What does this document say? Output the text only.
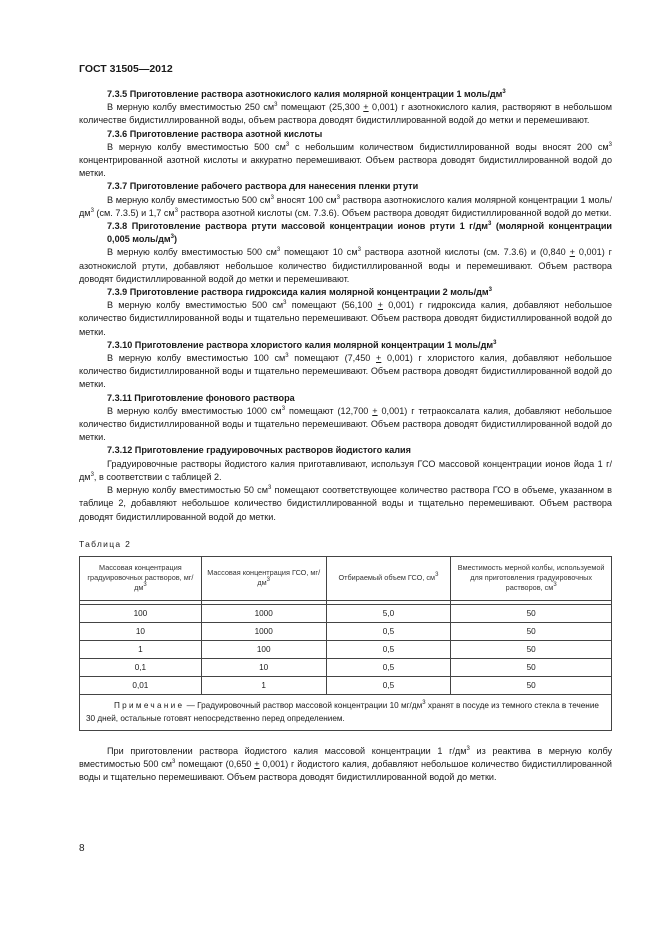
ГОСТ 31505—2012

7.3.5 Приготовление раствора азотнокислого калия молярной концентрации 1 моль/$дм^3$

В мерную колбу вместимостью 250 $см^3$ помещают (25,300 + 0,001) г азотнокислого калия, растворяют в небольшом количестве бидистиллированной воды, объем раствора доводят бидистиллированной водой до метки и перемешивают.

7.3.6 Приготовление раствора азотной кислоты

В мерную колбу вместимостью 500 $см^3$ с небольшим количеством бидистиллированной воды вносят 200 $см^3$ концентрированной азотной кислоты и аккуратно перемешивают. Объем раствора доводят бидистиллированной водой до метки.

7.3.7 Приготовление рабочего раствора для нанесения пленки ртути

В мерную колбу вместимостью 500 $см^3$ вносят 100 $см^3$ раствора азотнокислого калия молярной концентрации 1 моль/$дм^3$ (см. 7.3.5) и 1,7 $см^3$ раствора азотной кислоты (см. 7.3.6). Объем раствора доводят бидистиллированной водой до метки.

7.3.8 Приготовление раствора ртути массовой концентрации ионов ртути 1 $г/дм^3$ (молярной концентрации 0,005 моль/$дм^3$)

В мерную колбу вместимостью 500 $см^3$ помещают 10 $см^3$ раствора азотной кислоты (см. 7.3.6) и (0,840 + 0,001) г азотнокислой ртути, добавляют небольшое количество бидистиллированной воды и перемешивают. Объем раствора доводят бидистиллированной водой до метки и перемешивают.

7.3.9 Приготовление раствора гидроксида калия молярной концентрации 2 моль/$дм^3$

В мерную колбу вместимостью 500 $см^3$ помещают (56,100 + 0,001) г гидроксида калия, добавляют небольшое количество бидистиллированной воды и тщательно перемешивают. Объем раствора доводят бидистиллированной водой до метки.

7.3.10 Приготовление раствора хлористого калия молярной концентрации 1 моль/$дм^3$

В мерную колбу вместимостью 100 $см^3$ помещают (7,450 + 0,001) г хлористого калия, добавляют небольшое количество бидистиллированной воды и тщательно перемешивают. Объем раствора доводят бидистиллированной водой до метки.

7.3.11 Приготовление фонового раствора

В мерную колбу вместимостью 1000 $см^3$ помещают (12,700 + 0,001) г тетраоксалата калия, добавляют небольшое количество бидистиллированной воды и тщательно перемешивают. Объем раствора доводят бидистиллированной водой до метки.

7.3.12 Приготовление градуировочных растворов йодистого калия

Градуировочные растворы йодистого калия приготавливают, используя ГСО массовой концентрации ионов йода 1 $г/дм^3$, в соответствии с таблицей 2.

В мерную колбу вместимостью 50 $см^3$ помещают соответствующее количество раствора ГСО в объеме, указанном в таблице 2, добавляют небольшое количество бидистиллированной воды и тщательно перемешивают. Объем раствора доводят бидистиллированной водой до метки.

Таблица 2

Массовая концентрация градуировочных растворов, $мг/дм^3$	Массовая концентрация ГСО, $мг/дм^3$	Отбираемый объем ГСО, $см^3$	Вместимость мерной колбы, используемой для приготовления градуировочных растворов, $см^3$

100	1000	5,0	50
10	1000	0,5	50
1	100	0,5	50
0,1	10	0,5	50
0,01	1	0,5	50
Примечание — Градуировочный раствор массовой концентрации 10 $мг/дм^3$ хранят в посуде из темного стекла в течение 30 дней, остальные готовят непосредственно перед определением.			

При приготовлении раствора йодистого калия массовой концентрации 1 $г/дм^3$ из реактива в мерную колбу вместимостью 500 $см^3$ помещают (0,650 + 0,001) г йодистого калия, добавляют небольшое количество бидистиллированной воды и тщательно перемешивают. Объем раствора доводят бидистиллированной водой до метки.

8
